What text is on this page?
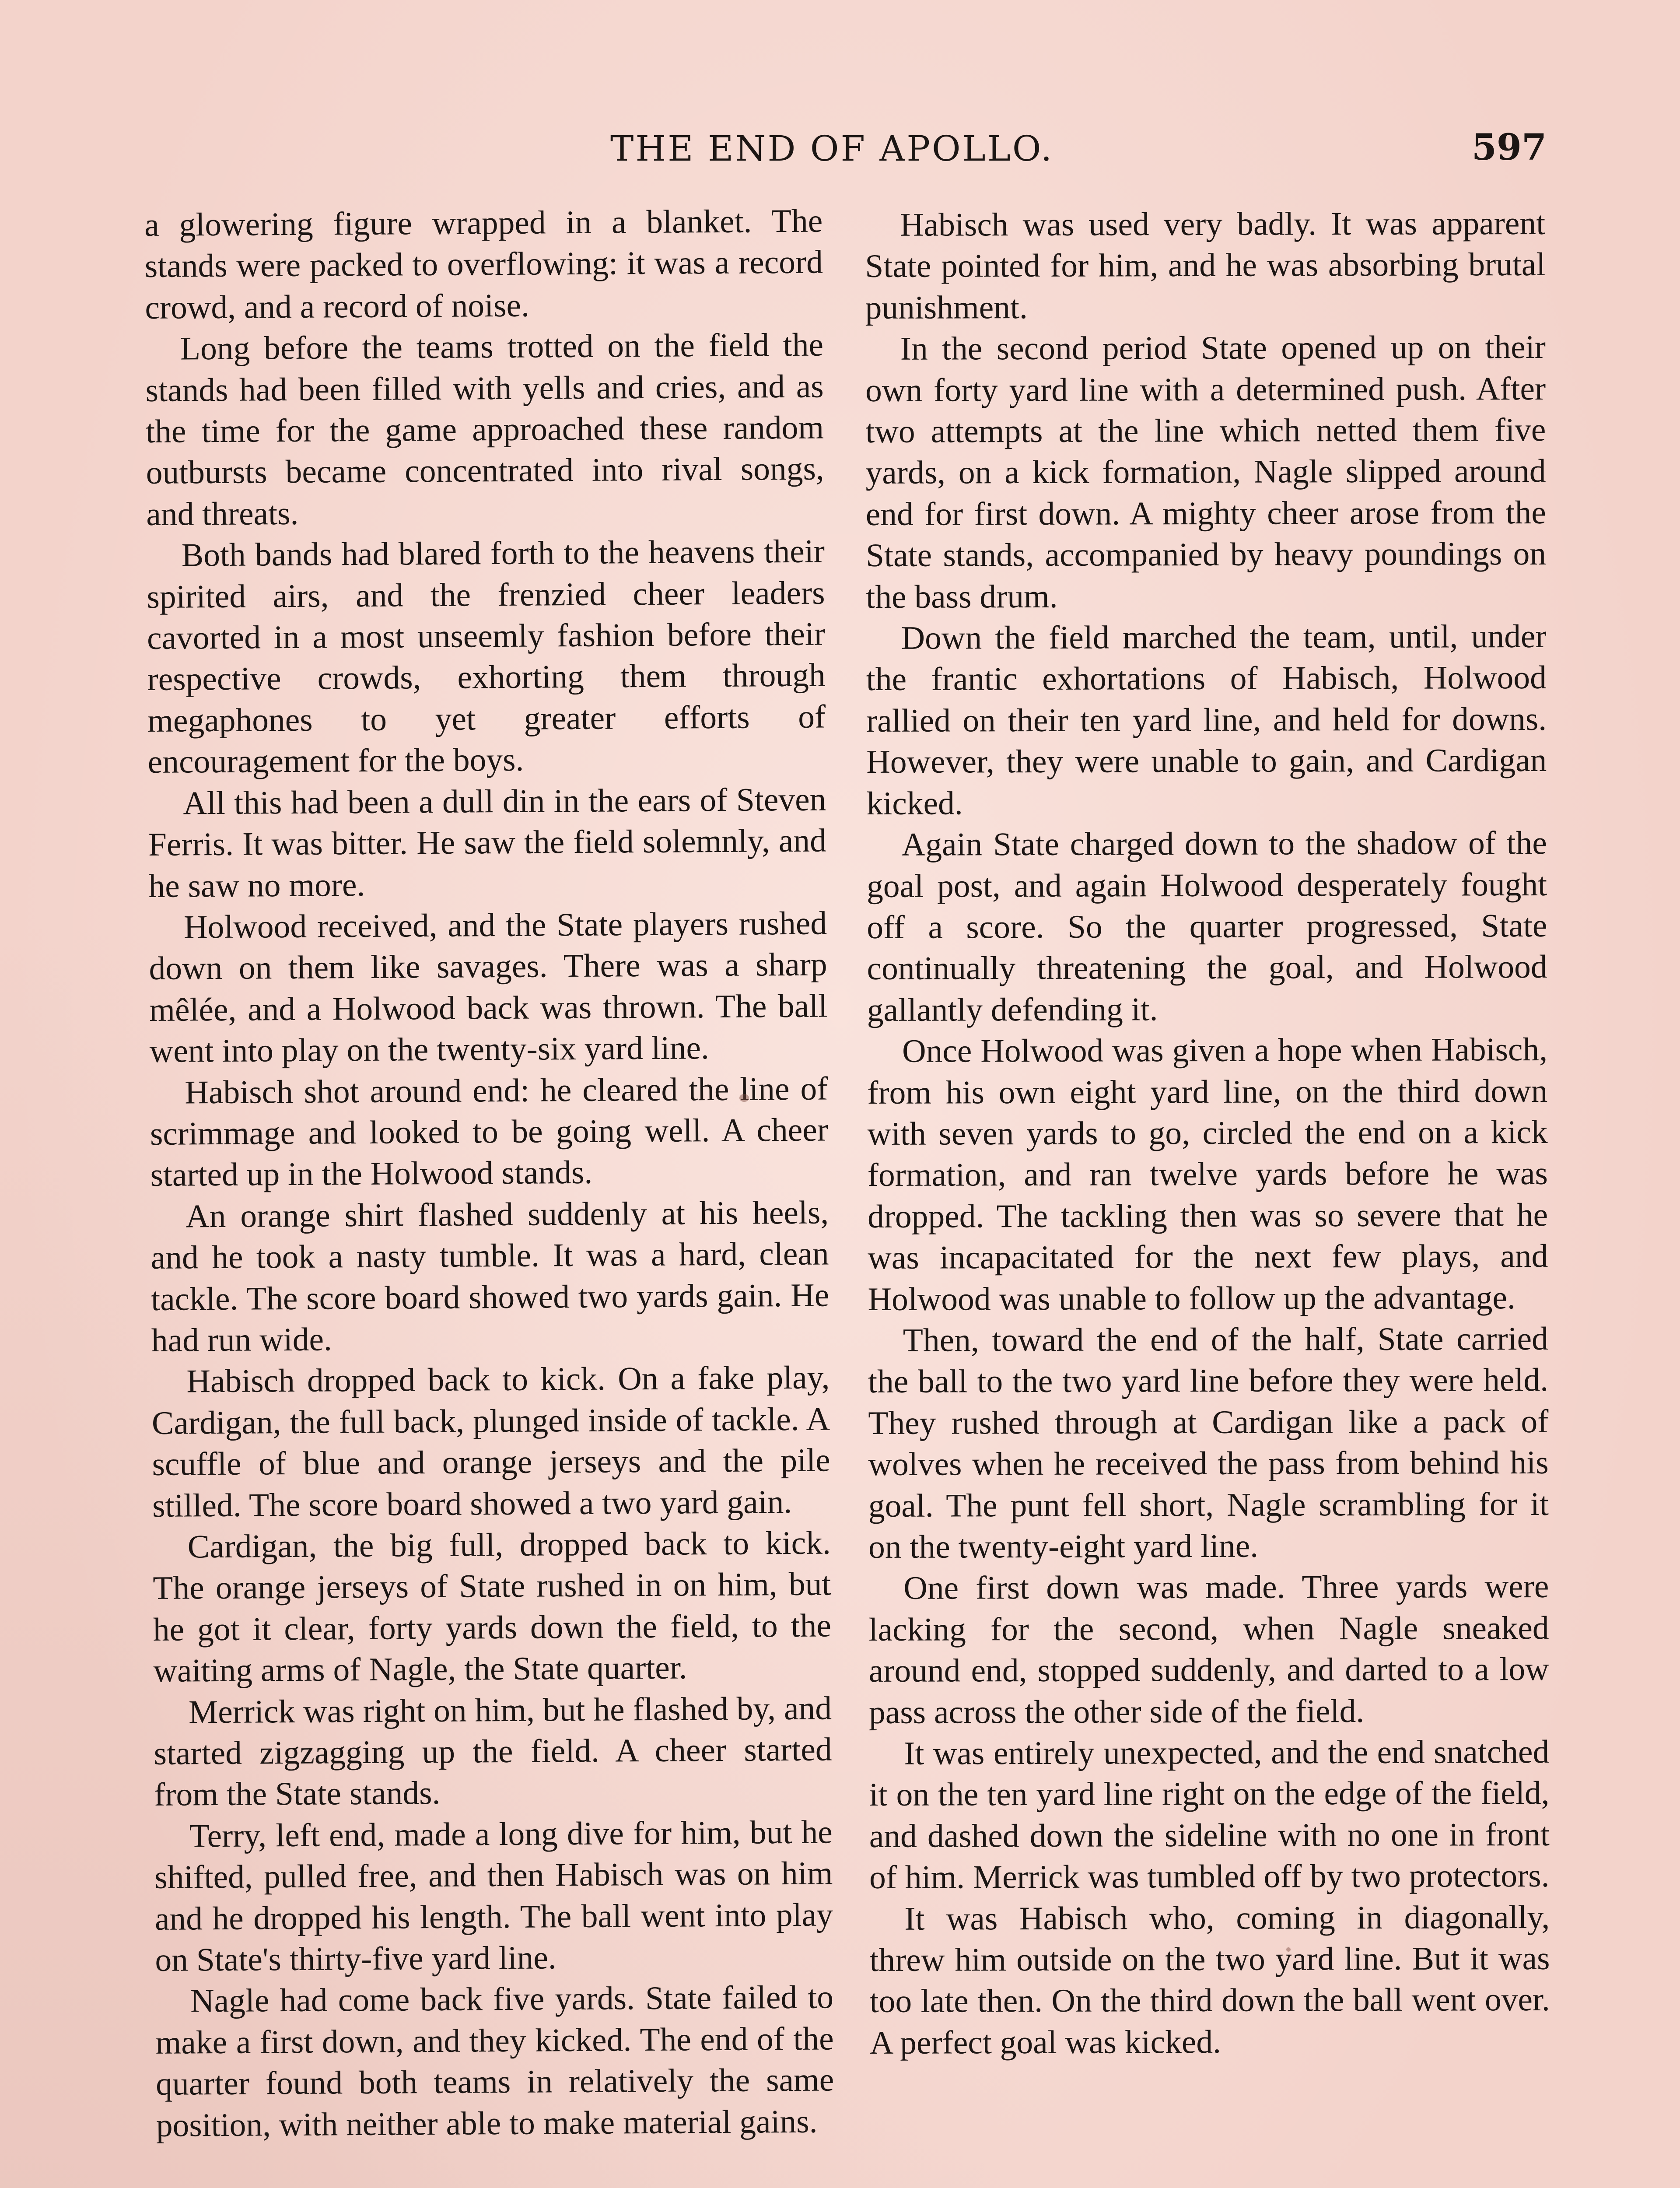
THE END OF APOLLO.	597

a glowering figure wrapped in a blanket. The stands were packed to overflowing: it was a record crowd, and a record of noise.

Long before the teams trotted on the field the stands had been filled with yells and cries, and as the time for the game approached these random outbursts became concentrated into rival songs, and threats.

Both bands had blared forth to the heavens their spirited airs, and the frenzied cheer leaders cavorted in a most unseemly fashion before their respective crowds, exhorting them through megaphones to yet greater efforts of encouragement for the boys.

All this had been a dull din in the ears of Steven Ferris. It was bitter. He saw the field solemnly, and he saw no more.

Holwood received, and the State players rushed down on them like savages. There was a sharp mêlée, and a Holwood back was thrown. The ball went into play on the twenty-six yard line.

Habisch shot around end: he cleared the line of scrimmage and looked to be going well. A cheer started up in the Holwood stands.

An orange shirt flashed suddenly at his heels, and he took a nasty tumble. It was a hard, clean tackle. The score board showed two yards gain. He had run wide.

Habisch dropped back to kick. On a fake play, Cardigan, the full back, plunged inside of tackle. A scuffle of blue and orange jerseys and the pile stilled. The score board showed a two yard gain.

Cardigan, the big full, dropped back to kick. The orange jerseys of State rushed in on him, but he got it clear, forty yards down the field, to the waiting arms of Nagle, the State quarter.

Merrick was right on him, but he flashed by, and started zigzagging up the field. A cheer started from the State stands.

Terry, left end, made a long dive for him, but he shifted, pulled free, and then Habisch was on him and he dropped his length. The ball went into play on State's thirty-five yard line.

Nagle had come back five yards. State failed to make a first down, and they kicked. The end of the quarter found both teams in relatively the same position, with neither able to make material gains.

Habisch was used very badly. It was apparent State pointed for him, and he was absorbing brutal punishment.

In the second period State opened up on their own forty yard line with a determined push. After two attempts at the line which netted them five yards, on a kick formation, Nagle slipped around end for first down. A mighty cheer arose from the State stands, accompanied by heavy poundings on the bass drum.

Down the field marched the team, until, under the frantic exhortations of Habisch, Holwood rallied on their ten yard line, and held for downs. However, they were unable to gain, and Cardigan kicked.

Again State charged down to the shadow of the goal post, and again Holwood desperately fought off a score. So the quarter progressed, State continually threatening the goal, and Holwood gallantly defending it.

Once Holwood was given a hope when Habisch, from his own eight yard line, on the third down with seven yards to go, circled the end on a kick formation, and ran twelve yards before he was dropped. The tackling then was so severe that he was incapacitated for the next few plays, and Holwood was unable to follow up the advantage.

Then, toward the end of the half, State carried the ball to the two yard line before they were held. They rushed through at Cardigan like a pack of wolves when he received the pass from behind his goal. The punt fell short, Nagle scrambling for it on the twenty-eight yard line.

One first down was made. Three yards were lacking for the second, when Nagle sneaked around end, stopped suddenly, and darted to a low pass across the other side of the field.

It was entirely unexpected, and the end snatched it on the ten yard line right on the edge of the field, and dashed down the sideline with no one in front of him. Merrick was tumbled off by two protectors.

It was Habisch who, coming in diagonally, threw him outside on the two yard line. But it was too late then. On the third down the ball went over. A perfect goal was kicked.
